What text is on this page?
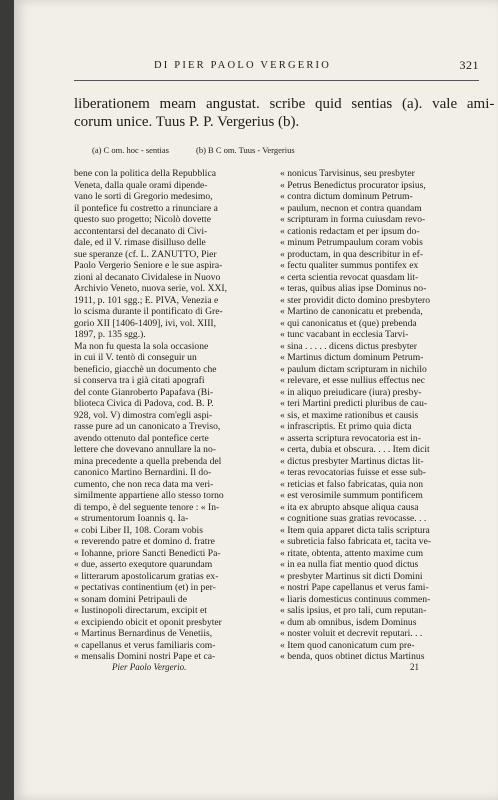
DI PIER PAOLO VERGERIO	321
liberationem meam angustat. scribe quid sentias (a). vale ami-
corum unice. Tuus P. P. Vergerius (b).
(a) C om. hoc - sentias	(b) B C om. Tuus - Vergerius
bene con la politica della Repubblica
Veneta, dalla quale orami dipende-
vano le sorti di Gregorio medesimo,
il pontefice fu costretto a rinunciare a
questo suo progetto; Nicolò dovette
accontentarsi del decanato di Civi-
dale, ed il V. rimase disilluso delle
sue speranze (cf. L. ZANUTTO, Pier
Paolo Vergerio Seniore e le sue aspira-
zioni al decanato Cividalese in Nuovo
Archivio Veneto, nuova serie, vol. XXI,
1911, p. 101 sgg.; E. PIVA, Venezia e
lo scisma durante il pontificato di Gre-
gorio XII [1406-1409], ivi, vol. XIII,
1897, p. 135 sgg.).
Ma non fu questa la sola occasione
in cui il V. tentò di conseguir un
beneficio, giacchè un documento che
si conserva tra i già citati apografi
del conte Gianroberto Papafava (Bi-
blioteca Civica di Padova, cod. B. P.
928, vol. V) dimostra com'egli aspi-
rasse pure ad un canonicato a Treviso,
avendo ottenuto dal pontefice certe
lettere che dovevano annullare la no-
mina precedente a quella prebenda del
canonico Martino Bernardini. Il do-
cumento, che non reca data ma veri-
similmente appartiene allo stesso torno
di tempo, è del seguente tenore : « In-
« strumentorum Ioannis q. Ia-
« cobi Liber II, 108. Coram vobis
« reverendo patre et domino d. fratre
« Iohanne, priore Sancti Benedicti Pa-
« due, asserto exequtore quarundam
« litterarum apostolicarum gratias ex-
« pectativas continentium (et) in per-
« sonam domini Petripauli de
« Iustinopoli directarum, excipit et
« excipiendo obicit et oponit presbyter
« Martinus Bernardinus de Venetiis,
« capellanus et verus familiaris com-
« mensalis Domini nostri Pape et ca-
« nonicus Tarvisinus, seu presbyter
« Petrus Benedictus procurator ipsius,
« contra dictum dominum Petrum-
« paulum, necnon et contra quandam
« scripturam in forma cuiusdam revo-
« cationis redactam et per ipsum do-
« minum Petrumpaulum coram vobis
« productam, in qua describitur in ef-
« fectu qualiter summus pontifex ex
« certa scientia revocat quasdam lit-
« teras, quibus alias ipse Dominus no-
« ster providit dicto domino presbytero
« Martino de canonicatu et prebenda,
« qui canonicatus et (que) prebenda
« tunc vacabant in ecclesia Tarvi-
« sina . . . . . dicens dictus presbyter
« Martinus dictum dominum Petrum-
« paulum dictam scripturam in nichilo
« relevare, et esse nullius effectus nec
« in aliquo preiudicare (iura) presby-
« teri Martini predicti pluribus de cau-
« sis, et maxime rationibus et causis
« infrascriptis. Et primo quia dicta
« asserta scriptura revocatoria est in-
« certa, dubia et obscura. . . . Item dicit
« dictus presbyter Martinus dictas lit-
« teras revocatorias fuisse et esse sub-
« reticias et falso fabricatas, quia non
« est verosimile summum pontificem
« ita ex abrupto absque aliqua causa
« cognitione suas gratias revocasse. . .
« Item quia apparet dicta talis scriptura
« subreticia falso fabricata et, tacita ve-
« ritate, obtenta, attento maxime cum
« in ea nulla fiat mentio quod dictus
« presbyter Martinus sit dicti Domini
« nostri Pape capellanus et verus fami-
« liaris domesticus continuus commen-
« salis ipsius, et pro tali, cum reputan-
« dum ab omnibus, isdem Dominus
« noster voluit et decrevit reputari. . .
« Item quod canonicatum cum pre-
« benda, quos obtinet dictus Martinus
Pier Paolo Vergerio.	21
